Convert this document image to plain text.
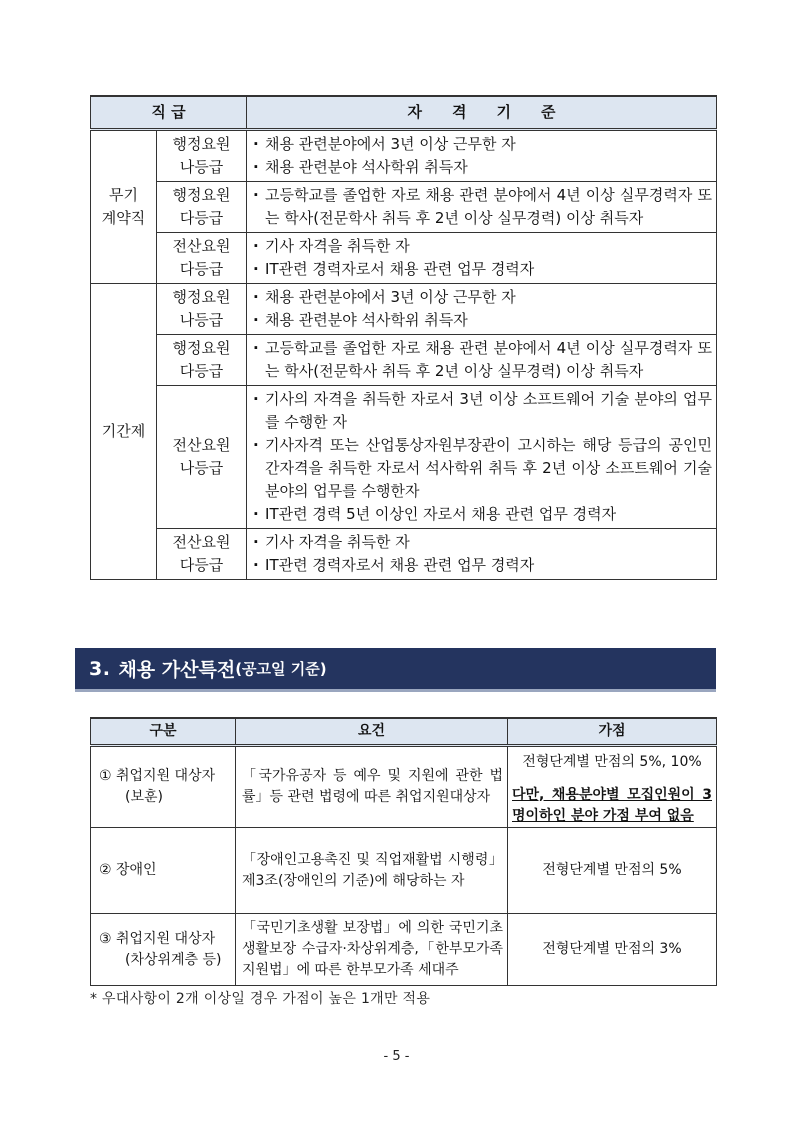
직 급		자　　격　　기　　준
무기
계약직	행정요원
나등급	· 채용 관련분야에서 3년 이상 근무한 자
· 채용 관련분야 석사학위 취득자

	행정요원
다등급	· 고등학교를 졸업한 자로 채용 관련 분야에서 4년 이상 실무경력자 또는 학사(전문학사 취득 후 2년 이상 실무경력) 이상 취득자

	전산요원
다등급	· 기사 자격을 취득한 자
· IT관련 경력자로서 채용 관련 업무 경력자

기간제	행정요원
나등급	· 채용 관련분야에서 3년 이상 근무한 자
· 채용 관련분야 석사학위 취득자

	행정요원
다등급	· 고등학교를 졸업한 자로 채용 관련 분야에서 4년 이상 실무경력자 또는 학사(전문학사 취득 후 2년 이상 실무경력) 이상 취득자

	전산요원
나등급	· 기사의 자격을 취득한 자로서 3년 이상 소프트웨어 기술 분야의 업무를 수행한 자
· 기사자격 또는 산업통상자원부장관이 고시하는 해당 등급의 공인민간자격을 취득한 자로서 석사학위 취득 후 2년 이상 소프트웨어 기술 분야의 업무를 수행한자
· IT관련 경력 5년 이상인 자로서 채용 관련 업무 경력자

	전산요원
다등급	· 기사 자격을 취득한 자
· IT관련 경력자로서 채용 관련 업무 경력자
3. 채용 가산특전 (공고일 기준)
구분	요건	가점
① 취업지원 대상자
(보훈)	「국가유공자 등 예우 및 지원에 관한 법률」등 관련 법령에 따른 취업지원대상자	전형단계별 만점의 5%, 10%
다만, 채용분야별 모집인원이 3명이하인 분야 가점 부여 없음

② 장애인	「장애인고용촉진 및 직업재활법 시행령」제3조(장애인의 기준)에 해당하는 자	전형단계별 만점의 5%
③ 취업지원 대상자
(차상위계층 등)	「국민기초생활 보장법」에 의한 국민기초생활보장 수급자·차상위계층,「한부모가족지원법」에 따른 한부모가족 세대주	전형단계별 만점의 3%
* 우대사항이 2개 이상일 경우 가점이 높은 1개만 적용
- 5 -
